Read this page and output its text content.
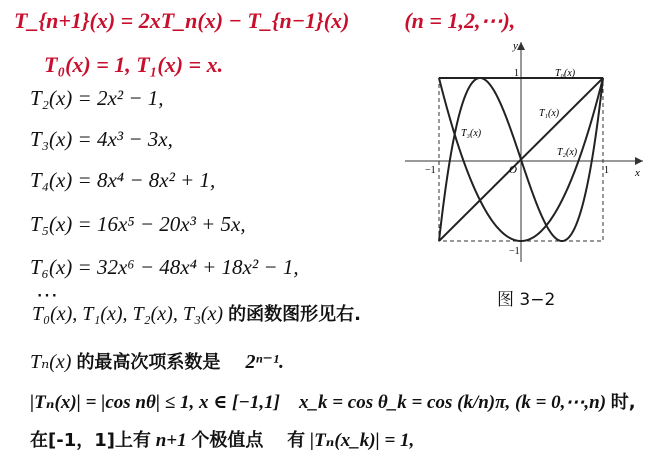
T_{n+1}(x) = 2xT_n(x) − T_{n−1}(x)	(n = 1,2,⋯),
T₀(x) = 1, T₁(x) = x.
T₂(x) = 2x² − 1,
T₃(x) = 4x³ − 3x,
T₄(x) = 8x⁴ − 8x² + 1,
T₅(x) = 16x⁵ − 20x³ + 5x,
T₆(x) = 32x⁶ − 48x⁴ + 18x² − 1,
⋯
T₀(x), T₁(x), T₂(x), T₃(x) 的函数图形见右.
Tₙ(x) 的最高次项系数是 2ⁿ⁻¹.
|Tₙ(x)| = |cos nθ| ≤ 1, x ∈ [−1,1] x_k = cos θ_k = cos (k/n)π, (k = 0,⋯,n) 时,
在[-1，1]上有 n+1 个极值点 有 |Tₙ(x_k)| = 1,
y
x
O
1
1
−1
−1
T₀(x)
T₁(x)
T₂(x)
T₃(x)
图 3−2
